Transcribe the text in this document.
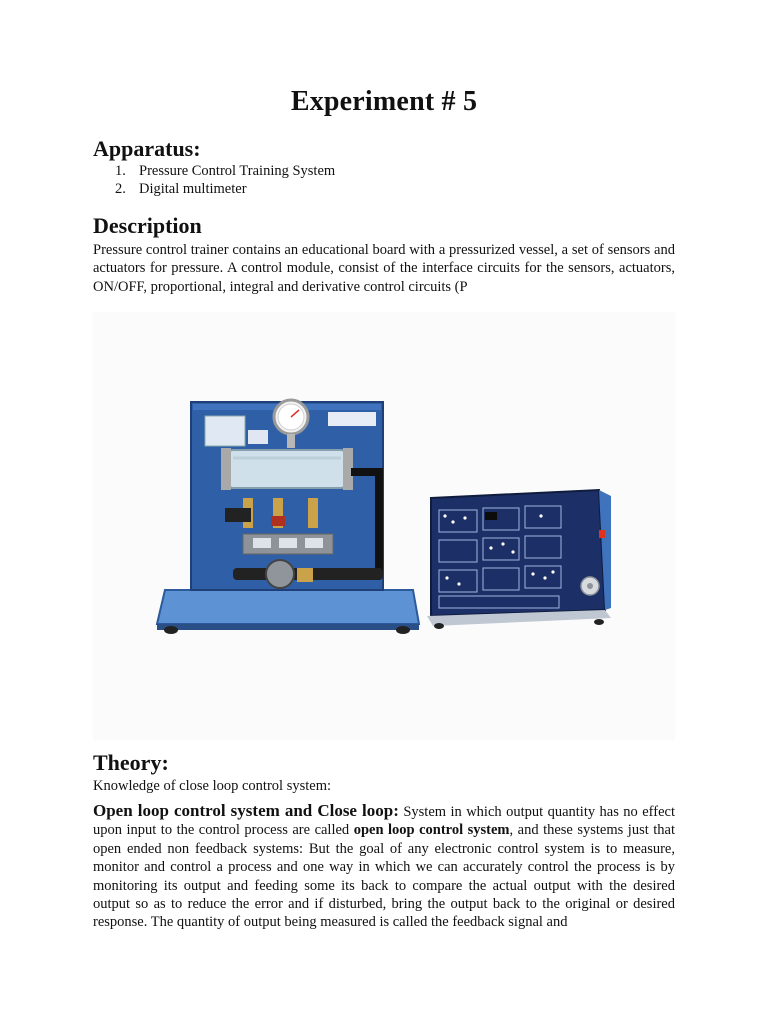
Experiment # 5
Apparatus:
1. Pressure Control Training System
2. Digital multimeter
Description
Pressure control trainer contains an educational board with a pressurized vessel, a set of sensors and actuators for pressure. A control module, consist of the interface circuits for the sensors, actuators, ON/OFF, proportional, integral and derivative control circuits (P
Theory:
Knowledge of close loop control system:
Open loop control system and Close loop: System in which output quantity has no effect upon input to the control process are called open loop control system, and these systems just that open ended non feedback systems: But the goal of any electronic control system is to measure, monitor and control a process and one way in which we can accurately control the process is by monitoring its output and feeding some its back to compare the actual output with the desired output so as to reduce the error and if disturbed, bring the output back to the original or desired response. The quantity of output being measured is called the feedback signal and
